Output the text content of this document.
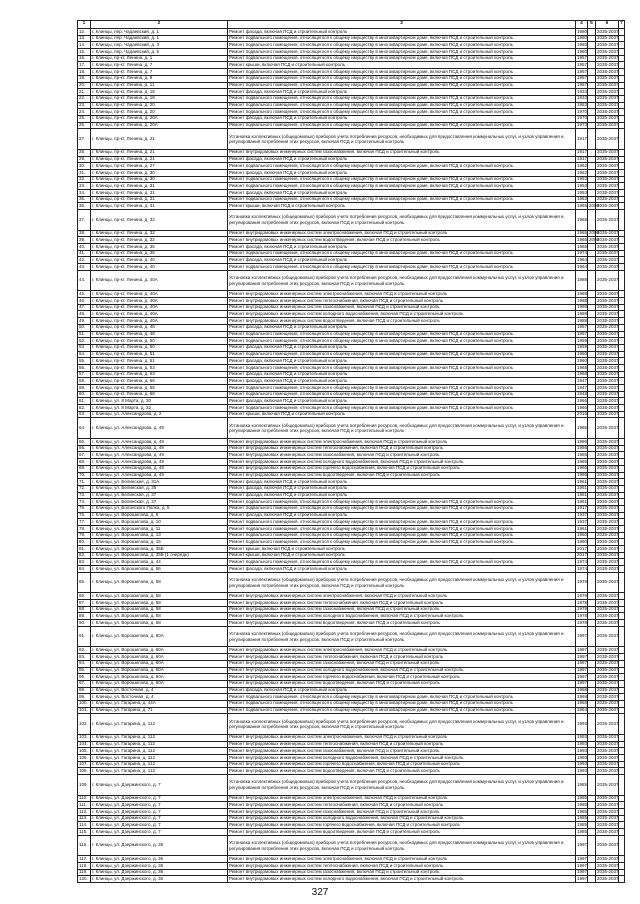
1	2	3	4	5	6	7
12.	г. Клинцы, пер. Чадаевский, д. 1	Ремонт фасада, включая ПСД и строительный контроль	1980		2035-2037	
13.	г. Клинцы, пер. Чадаевский, д. 1	Ремонт подвального помещения, относящегося к общему имуществу в многоквартирном доме, включая ПСД и строительный контроль	1980		2035-2037	
14.	г. Клинцы, пер. Чадаевский, д. 3	Ремонт подвального помещения, относящегося к общему имуществу в многоквартирном доме, включая ПСД и строительный контроль	1980		2035-2037	
15.	г. Клинцы, пер. Чадаевский, д. 5	Ремонт подвального помещения, относящегося к общему имуществу в многоквартирном доме, включая ПСД и строительный контроль	1980		2035-2037	
16.	г. Клинцы, пр-кт. Ленина, д. 1	Ремонт подвального помещения, относящегося к общему имуществу в многоквартирном доме, включая ПСД и строительный контроль	1957		2035-2037	
17.	г. Клинцы, пр-кт. Ленина, д. 7	Ремонт крыши, включая ПСД и строительный контроль	1957		2035-2037	
18.	г. Клинцы, пр-кт. Ленина, д. 7	Ремонт подвального помещения, относящегося к общему имуществу в многоквартирном доме, включая ПСД и строительный контроль	1957		2035-2037	
19.	г. Клинцы, пр-кт. Ленина, д. 9	Ремонт подвального помещения, относящегося к общему имуществу в многоквартирном доме, включая ПСД и строительный контроль	1957		2035-2037	
20.	г. Клинцы, пр-кт. Ленина, д. 11	Ремонт подвального помещения, относящегося к общему имуществу в многоквартирном доме, включая ПСД и строительный контроль	1957		2035-2037	
21.	г. Клинцы, пр-кт. Ленина, д. 16	Ремонт фасада, включая ПСД и строительный контроль	1933		2035-2037	
22.	г. Клинцы, пр-кт. Ленина, д. 18	Ремонт подвального помещения, относящегося к общему имуществу в многоквартирном доме, включая ПСД и строительный контроль	1933		2035-2037	
23.	г. Клинцы, пр-кт. Ленина, д. 20	Ремонт подвального помещения, относящегося к общему имуществу в многоквартирном доме, включая ПСД и строительный контроль	1953		2035-2037	
24.	г. Клинцы, пр-кт. Ленина, д. 20	Ремонт подвального помещения, относящегося к общему имуществу в многоквартирном доме, включая ПСД и строительный контроль	1970		2035-2037	
25.	г. Клинцы, пр-кт. Ленина, д. 20А	Ремонт фасада, включая ПСД и строительный контроль	1970		2035-2037	
26.	г. Клинцы, пр-кт. Ленина, д. 20А	Ремонт подвального помещения, относящегося к общему имуществу в многоквартирном доме, включая ПСД и строительный контроль	1973		2035-2037	
27.	г. Клинцы, пр-кт. Ленина, д. 21	Установка коллективных (общедомовых) приборов учета потребления ресурсов, необходимых для предоставления коммунальных услуг, и узлов управления и регулирования потребления этих ресурсов, включая ПСД и строительный контроль	1917		2035-2037	
28.	г. Клинцы, пр-кт. Ленина, д. 21	Ремонт внутридомовых инженерных систем газоснабжения, включая ПСД и строительный контроль	1917		2035-2037	
29.	г. Клинцы, пр-кт. Ленина, д. 21	Ремонт фасада, включая ПСД и строительный контроль	1917		2035-2037	
30.	г. Клинцы, пр-кт. Ленина, д. 27	Ремонт подвального помещения, относящегося к общему имуществу в многоквартирном доме, включая ПСД и строительный контроль	1962		2035-2037	
31.	г. Клинцы, пр-кт. Ленина, д. 30	Ремонт фасада, включая ПСД и строительный контроль	1962		2035-2037	
32.	г. Клинцы, пр-кт. Ленина, д. 30	Ремонт подвального помещения, относящегося к общему имуществу в многоквартирном доме, включая ПСД и строительный контроль	1953		2035-2037	
33.	г. Клинцы, пр-кт. Ленина, д. 31	Ремонт подвального помещения, относящегося к общему имуществу в многоквартирном доме, включая ПСД и строительный контроль	1953		2035-2037	
34.	г. Клинцы, пр-кт. Ленина, д. 31	Ремонт фасада, включая ПСД и строительный контроль	1953		2035-2037	
35.	г. Клинцы, пр-кт. Ленина, д. 31	Ремонт подвального помещения, относящегося к общему имуществу в многоквартирном доме, включая ПСД и строительный контроль	1953		2035-2037	
36.	г. Клинцы, пр-кт. Ленина, д. 31	Ремонт крыши, включая ПСД и строительный контроль	1965	2008	2035-2037	
37.	г. Клинцы, пр-кт. Ленина, д. 32	Установка коллективных (общедомовых) приборов учета потребления ресурсов, необходимых для предоставления коммунальных услуг, и узлов управления и регулирования потребления этих ресурсов, включая ПСД и строительный контроль	1965		2035-2037	
38.	г. Клинцы, пр-кт. Ленина, д. 32	Ремонт внутридомовых инженерных систем электроснабжения, включая ПСД и строительный контроль	1965	2008	2035-2037	
39.	г. Клинцы, пр-кт. Ленина, д. 32	Ремонт внутридомовых инженерных систем водоотведения, включая ПСД и строительный контроль	1965	2008	2035-2037	
40.	г. Клинцы, пр-кт. Ленина, д. 35	Ремонт фасада, включая ПСД и строительный контроль	1965		2035-2037	
41.	г. Клинцы, пр-кт. Ленина, д. 36	Ремонт подвального помещения, относящегося к общему имуществу в многоквартирном доме, включая ПСД и строительный контроль	1974		2035-2037	
42.	г. Клинцы, пр-кт. Ленина, д. 40	Ремонт фасада, включая ПСД и строительный контроль	1964		2035-2037	
43.	г. Клинцы, пр-кт. Ленина, д. 40	Ремонт подвального помещения, относящегося к общему имуществу в многоквартирном доме, включая ПСД и строительный контроль	1964		2035-2037	
44.	г. Клинцы, пр-кт. Ленина, д. 40А	Установка коллективных (общедомовых) приборов учета потребления ресурсов, необходимых для предоставления коммунальных услуг, и узлов управления и регулирования потребления этих ресурсов, включая ПСД и строительный контроль	1988		2035-2037	
45.	г. Клинцы, пр-кт. Ленина, д. 40А	Ремонт внутридомовых инженерных систем электроснабжения, включая ПСД и строительный контроль	1988		2035-2037	
46.	г. Клинцы, пр-кт. Ленина, д. 40А	Ремонт внутридомовых инженерных систем теплоснабжения, включая ПСД и строительный контроль	1988		2035-2037	
47.	г. Клинцы, пр-кт. Ленина, д. 40А	Ремонт внутридомовых инженерных систем газоснабжения, включая ПСД и строительный контроль	1988		2035-2037	
48.	г. Клинцы, пр-кт. Ленина, д. 40А	Ремонт внутридомовых инженерных систем холодного водоснабжения, включая ПСД и строительный контроль	1988		2035-2037	
49.	г. Клинцы, пр-кт. Ленина, д. 40А	Ремонт внутридомовых инженерных систем водоотведения, включая ПСД и строительный контроль	1988		2035-2037	
50.	г. Клинцы, пр-кт. Ленина, д. 48	Ремонт фасада, включая ПСД и строительный контроль	1957		2035-2037	
51.	г. Клинцы, пр-кт. Ленина, д. 48	Ремонт подвального помещения, относящегося к общему имуществу в многоквартирном доме, включая ПСД и строительный контроль	1957		2035-2037	
52.	г. Клинцы, пр-кт. Ленина, д. 50	Ремонт подвального помещения, относящегося к общему имуществу в многоквартирном доме, включая ПСД и строительный контроль	1959		2035-2037	
53.	г. Клинцы, пр-кт. Ленина, д. 50	Ремонт фасада, включая ПСД и строительный контроль	1959		2035-2037	
54.	г. Клинцы, пр-кт. Ленина, д. 51	Ремонт подвального помещения, относящегося к общему имуществу в многоквартирном доме, включая ПСД и строительный контроль	1960		2035-2037	
55.	г. Клинцы, пр-кт. Ленина, д. 51	Ремонт фасада, включая ПСД и строительный контроль	1960		2035-2037	
56.	г. Клинцы, пр-кт. Ленина, д. 53	Ремонт подвального помещения, относящегося к общему имуществу в многоквартирном доме, включая ПСД и строительный контроль	1968		2035-2037	
57.	г. Клинцы, пр-кт. Ленина, д. 63	Ремонт фасада, включая ПСД и строительный контроль	1968		2035-2037	
58.	г. Клинцы, пр-кт. Ленина, д. 66	Ремонт фасада, включая ПСД и строительный контроль	1947		2035-2037	
59.	г. Клинцы, пр-кт. Ленина, д. 66	Ремонт подвального помещения, относящегося к общему имуществу в многоквартирном доме, включая ПСД и строительный контроль	1947		2035-2037	
60.	г. Клинцы, пр-кт. Ленина, д. 68	Ремонт подвального помещения, относящегося к общему имуществу в многоквартирном доме, включая ПСД и строительный контроль	1948		2035-2037	
61.	г. Клинцы, ул. 8 Марта, д. 30	Ремонт фасада, включая ПСД и строительный контроль	1966		2035-2037	
62.	г. Клинцы, ул. 8 Марта, д. 32	Ремонт подвального помещения, относящегося к общему имуществу в многоквартирном доме, включая ПСД и строительный контроль	1966		2035-2037	
63.	г. Клинцы, ул. Александрова, д. 2	Ремонт крыши, включая ПСД и строительный контроль	2016		2035-2037	
64.	г. Клинцы, ул. Александрова, д. 49	Установка коллективных (общедомовых) приборов учета потребления ресурсов, необходимых для предоставления коммунальных услуг, и узлов управления и регулирования потребления этих ресурсов, включая ПСД и строительный контроль	1986		2035-2037	
65.	г. Клинцы, ул. Александрова, д. 49	Ремонт внутридомовых инженерных систем электроснабжения, включая ПСД и строительный контроль	1986		2035-2037	
66.	г. Клинцы, ул. Александрова, д. 49	Ремонт внутридомовых инженерных систем теплоснабжения, включая ПСД и строительный контроль	1986		2035-2037	
67.	г. Клинцы, ул. Александрова, д. 49	Ремонт внутридомовых инженерных систем газоснабжения, включая ПСД и строительный контроль	1986		2035-2037	
68.	г. Клинцы, ул. Александрова, д. 49	Ремонт внутридомовых инженерных систем холодного водоснабжения, включая ПСД и строительный контроль	1986		2035-2037	
69.	г. Клинцы, ул. Александрова, д. 49	Ремонт внутридомовых инженерных систем горячего водоснабжения, включая ПСД и строительный контроль	1986		2035-2037	
70.	г. Клинцы, ул. Александрова, д. 49	Ремонт внутридомовых инженерных систем водоотведения, включая ПСД и строительный контроль	1986		2035-2037	
71.	г. Клинцы, ул. Белинская, д. 31А	Ремонт фасада, включая ПСД и строительный контроль	1961		2035-2037	
72.	г. Клинцы, ул. Белинская, д. 35	Ремонт фасада, включая ПСД и строительный контроль	1961		2035-2037	
73.	г. Клинцы, ул. Белинская, д. 37	Ремонт фасада, включая ПСД и строительный контроль	1961		2035-2037	
74.	г. Клинцы, ул. Белинская, д. 37	Ремонт подвального помещения, относящегося к общему имуществу в многоквартирном доме, включая ПСД и строительный контроль	1961		2035-2037	
75.	г. Клинцы, ул. Болонского Полка, д. 5	Ремонт подвального помещения, относящегося к общему имуществу в многоквартирном доме, включая ПСД и строительный контроль	1917		2035-2037	
76.	г. Клинцы, ул. Ворошилова, д. 6	Ремонт фасада, включая ПСД и строительный контроль	1937		2035-2037	
77.	г. Клинцы, ул. Ворошилова, д. 10	Ремонт подвального помещения, относящегося к общему имуществу в многоквартирном доме, включая ПСД и строительный контроль	1937		2035-2037	
78.	г. Клинцы, ул. Ворошилова, д. 11	Ремонт подвального помещения, относящегося к общему имуществу в многоквартирном доме, включая ПСД и строительный контроль	1961		2035-2037	
79.	г. Клинцы, ул. Ворошилова, д. 13	Ремонт подвального помещения, относящегося к общему имуществу в многоквартирном доме, включая ПСД и строительный контроль	1960		2035-2037	
80.	г. Клинцы, ул. Ворошилова, д. 15	Ремонт подвального помещения, относящегося к общему имуществу в многоквартирном доме, включая ПСД и строительный контроль	1960		2035-2037	
81.	г. Клинцы, ул. Ворошилова, д. 35Б	Ремонт крыши, включая ПСД и строительный контроль	2017		2035-2037	
82.	г. Клинцы, ул. Ворошилова, д. 35Б (1 очередь)	Ремонт крыши, включая ПСД и строительный контроль	2017		2035-2037	
83.	г. Клинцы, ул. Ворошилова, д. 44	Ремонт подвального помещения, относящегося к общему имуществу в многоквартирном доме, включая ПСД и строительный контроль	1974		2035-2037	
84.	г. Клинцы, ул. Ворошилова, д. 56	Ремонт фасада, включая ПСД и строительный контроль	1974		2035-2037	
85.	г. Клинцы, ул. Ворошилова, д. 58	Установка коллективных (общедомовых) приборов учета потребления ресурсов, необходимых для предоставления коммунальных услуг, и узлов управления и регулирования потребления этих ресурсов, включая ПСД и строительный контроль	1978		2035-2037	
86.	г. Клинцы, ул. Ворошилова, д. 58	Ремонт внутридомовых инженерных систем электроснабжения, включая ПСД и строительный контроль	1978		2035-2037	
87.	г. Клинцы, ул. Ворошилова, д. 58	Ремонт внутридомовых инженерных систем теплоснабжения, включая ПСД и строительный контроль	1978		2035-2037	
88.	г. Клинцы, ул. Ворошилова, д. 58	Ремонт внутридомовых инженерных систем газоснабжения, включая ПСД и строительный контроль	1978		2035-2037	
89.	г. Клинцы, ул. Ворошилова, д. 58	Ремонт внутридомовых инженерных систем холодного водоснабжения, включая ПСД и строительный контроль	1978		2035-2037	
90.	г. Клинцы, ул. Ворошилова, д. 58	Ремонт внутридомовых инженерных систем водоотведения, включая ПСД и строительный контроль	1978		2035-2037	
91.	г. Клинцы, ул. Ворошилова, д. 60А	Установка коллективных (общедомовых) приборов учета потребления ресурсов, необходимых для предоставления коммунальных услуг, и узлов управления и регулирования потребления этих ресурсов, включая ПСД и строительный контроль	1997		2035-2037	
92.	г. Клинцы, ул. Ворошилова, д. 60А	Ремонт внутридомовых инженерных систем электроснабжения, включая ПСД и строительный контроль	1997		2035-2037	
93.	г. Клинцы, ул. Ворошилова, д. 60А	Ремонт внутридомовых инженерных систем теплоснабжения, включая ПСД и строительный контроль	1997		2035-2037	
94.	г. Клинцы, ул. Ворошилова, д. 60А	Ремонт внутридомовых инженерных систем газоснабжения, включая ПСД и строительный контроль	1997		2035-2037	
95.	г. Клинцы, ул. Ворошилова, д. 60А	Ремонт внутридомовых инженерных систем холодного водоснабжения, включая ПСД и строительный контроль	1997		2035-2037	
96.	г. Клинцы, ул. Ворошилова, д. 60А	Ремонт внутридомовых инженерных систем горячего водоснабжения, включая ПСД и строительный контроль	1997		2035-2037	
97.	г. Клинцы, ул. Ворошилова, д. 60А	Ремонт внутридомовых инженерных систем водоотведения, включая ПСД и строительный контроль	1997		2035-2037	
98.	г. Клинцы, ул. Восточная, д. 4	Ремонт фасада, включая ПСД и строительный контроль	1968		2035-2037	
99.	г. Клинцы, ул. Восточная, д. 4	Ремонт подвального помещения, относящегося к общему имуществу в многоквартирном доме, включая ПСД и строительный контроль	1968		2035-2037	
100.	г. Клинцы, ул. Гагарина, д. 44А	Ремонт подвального помещения, относящегося к общему имуществу в многоквартирном доме, включая ПСД и строительный контроль	1968		2035-2037	
101.	г. Клинцы, ул. Гагарина, д. 71	Ремонт подвального помещения, относящегося к общему имуществу в многоквартирном доме, включая ПСД и строительный контроль	1964		2035-2037	
102.	г. Клинцы, ул. Гагарина, д. 112	Установка коллективных (общедомовых) приборов учета потребления ресурсов, необходимых для предоставления коммунальных услуг, и узлов управления и регулирования потребления этих ресурсов, включая ПСД и строительный контроль	1993		2035-2037	
103.	г. Клинцы, ул. Гагарина, д. 112	Ремонт внутридомовых инженерных систем электроснабжения, включая ПСД и строительный контроль	1993		2035-2037	
104.	г. Клинцы, ул. Гагарина, д. 112	Ремонт внутридомовых инженерных систем теплоснабжения, включая ПСД и строительный контроль	1993		2035-2037	
105.	г. Клинцы, ул. Гагарина, д. 112	Ремонт внутридомовых инженерных систем газоснабжения, включая ПСД и строительный контроль	1993		2035-2037	
106.	г. Клинцы, ул. Гагарина, д. 112	Ремонт внутридомовых инженерных систем холодного водоснабжения, включая ПСД и строительный контроль	1993		2035-2037	
107.	г. Клинцы, ул. Гагарина, д. 112	Ремонт внутридомовых инженерных систем горячего водоснабжения, включая ПСД и строительный контроль	1993		2035-2037	
108.	г. Клинцы, ул. Гагарина, д. 112	Ремонт внутридомовых инженерных систем водоотведения, включая ПСД и строительный контроль	1993		2035-2037	
109.	г. Клинцы, ул. Дзержинского, д. 7	Установка коллективных (общедомовых) приборов учета потребления ресурсов, необходимых для предоставления коммунальных услуг, и узлов управления и регулирования потребления этих ресурсов, включая ПСД и строительный контроль	1985		2035-2037	
110.	г. Клинцы, ул. Дзержинского, д. 7	Ремонт внутридомовых инженерных систем электроснабжения, включая ПСД и строительный контроль	1985		2035-2037	
111.	г. Клинцы, ул. Дзержинского, д. 7	Ремонт внутридомовых инженерных систем теплоснабжения, включая ПСД и строительный контроль	1985		2035-2037	
112.	г. Клинцы, ул. Дзержинского, д. 7	Ремонт внутридомовых инженерных систем газоснабжения, включая ПСД и строительный контроль	1985		2035-2037	
113.	г. Клинцы, ул. Дзержинского, д. 7	Ремонт внутридомовых инженерных систем холодного водоснабжения, включая ПСД и строительный контроль	1985		2035-2037	
114.	г. Клинцы, ул. Дзержинского, д. 7	Ремонт внутридомовых инженерных систем горячего водоснабжения, включая ПСД и строительный контроль	1985		2035-2037	
115.	г. Клинцы, ул. Дзержинского, д. 7	Ремонт внутридомовых инженерных систем водоотведения, включая ПСД и строительный контроль	1985		2035-2037	
116.	г. Клинцы, ул. Дзержинского, д. 36	Установка коллективных (общедомовых) приборов учета потребления ресурсов, необходимых для предоставления коммунальных услуг, и узлов управления и регулирования потребления этих ресурсов, включая ПСД и строительный контроль	1997		2035-2037	
117.	г. Клинцы, ул. Дзержинского, д. 36	Ремонт внутридомовых инженерных систем электроснабжения, включая ПСД и строительный контроль	1997		2035-2037	
118.	г. Клинцы, ул. Дзержинского, д. 36	Ремонт внутридомовых инженерных систем теплоснабжения, включая ПСД и строительный контроль	1997		2035-2037	
119.	г. Клинцы, ул. Дзержинского, д. 36	Ремонт внутридомовых инженерных систем газоснабжения, включая ПСД и строительный контроль	1997		2035-2037	
120.	г. Клинцы, ул. Дзержинского, д. 36	Ремонт внутридомовых инженерных систем холодного водоснабжения, включая ПСД и строительный контроль	1997		2035-2037	
327
